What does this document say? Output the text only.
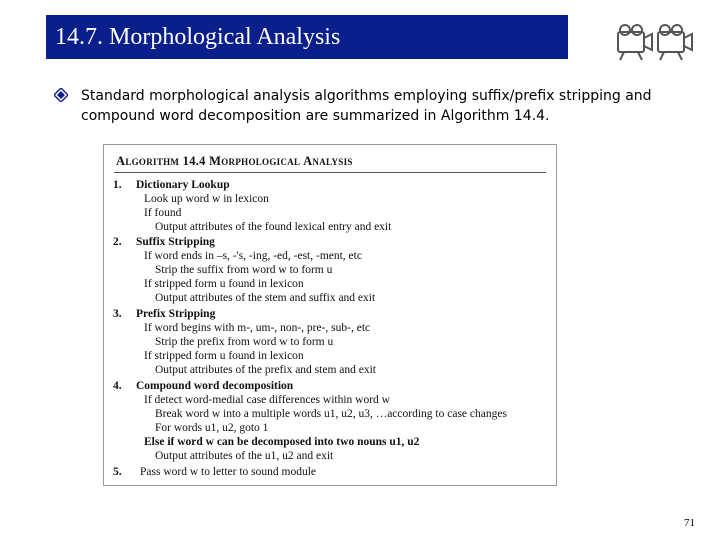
14.7. Morphological Analysis
Standard morphological analysis algorithms employing suffix/prefix stripping and compound word decomposition are summarized in Algorithm 14.4.
Algorithm 14.4 Morphological Analysis
1. Dictionary Lookup
Look up word w in lexicon
If found
Output attributes of the found lexical entry and exit
2. Suffix Stripping
If word ends in –s, -'s, -ing, -ed, -est, -ment, etc
Strip the suffix from word w to form u
If stripped form u found in lexicon
Output attributes of the stem and suffix and exit
3. Prefix Stripping
If word begins with m-, um-, non-, pre-, sub-, etc
Strip the prefix from word w to form u
If stripped form u found in lexicon
Output attributes of the prefix and stem and exit
4. Compound word decomposition
If detect word-medial case differences within word w
Break word w into a multiple words u1, u2, u3, …according to case changes
For words u1, u2, goto 1
Else if word w can be decomposed into two nouns u1, u2
Output attributes of the u1, u2 and exit
5. Pass word w to letter to sound module
71
